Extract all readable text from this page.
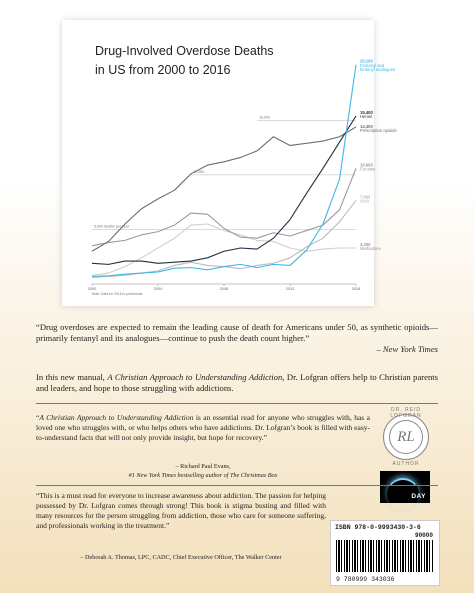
Drug-Involved Overdose Deaths
in US from 2000 to 2016
15,000
10,000
5,000 deaths per year
2000	2004	2008	2012	2016
Note: Data for 2016 is provisional.
20,100 Fentanyl and fentanyl analogues
15,400 Heroin
14,400 Prescription opioids
10,600 Cocaine
7,660 Meth.
3,300 Methadone

“Drug overdoses are expected to remain the leading cause of death for Americans under 50, as synthetic opioids—primarily fentanyl and its analogues—continue to push the death count higher.”

– New York Times

In this new manual, A Christian Approach to Understanding Addiction, Dr. Lofgran offers help to Christian parents and leaders, and hope to those struggling with addictions.

“A Christian Approach to Understanding Addiction is an essential read for anyone who struggles with, has a loved one who struggles with, or who helps others who have addictions. Dr. Lofgran’s book is filled with easy-to-understand facts that will not only provide insight, but hope for recovery.”

– Richard Paul Evans,
#1 New York Times bestselling author of The Christmas Box
DR. REID LOFGRAN
RL
AUTHOR
DAY

“This is a must read for everyone to increase awareness about addiction. The passion for helping possessed by Dr. Lofgran comes through strong! This book is stigma busting and filled with many resources for the person struggling from addiction, those who care for someone suffering, and professionals working in the treatment.”

– Deborah A. Thomas, LPC, CADC, Chief Executive Officer, The Walker Center
ISBN 978-0-9993430-3-6
90000
9 780999 343036
